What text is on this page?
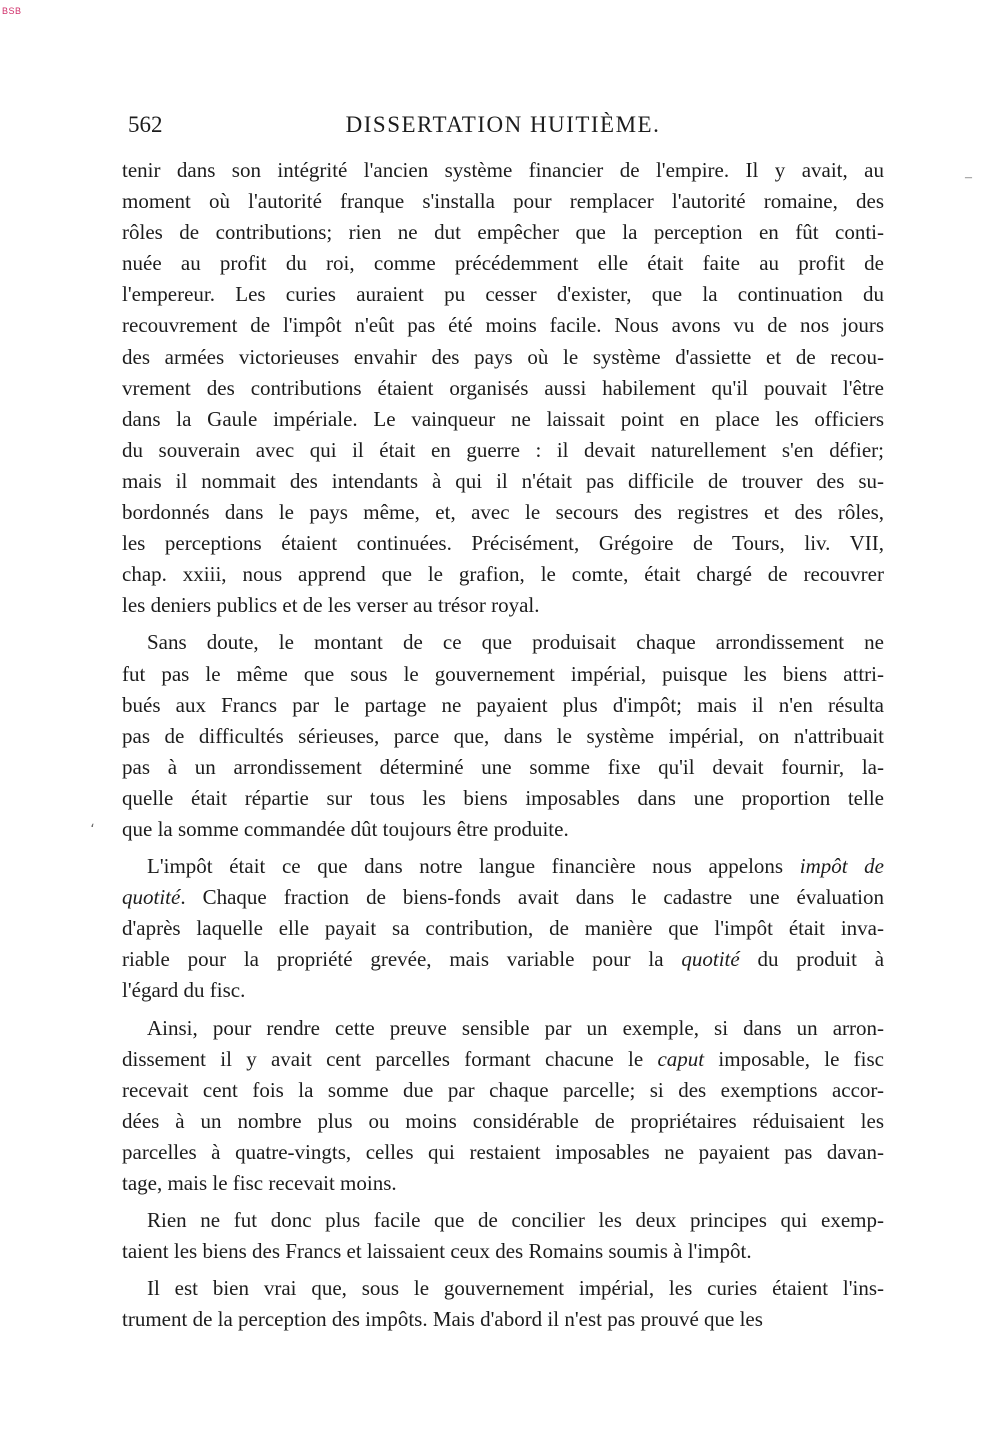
BSB
562	DISSERTATION HUITIÈME.
–
،
tenir dans son intégrité l'ancien système financier de l'empire. Il y avait, au
moment où l'autorité franque s'installa pour remplacer l'autorité romaine, des
rôles de contributions; rien ne dut empêcher que la perception en fût conti-
nuée au profit du roi, comme précédemment elle était faite au profit de
l'empereur. Les curies auraient pu cesser d'exister, que la continuation du
recouvrement de l'impôt n'eût pas été moins facile. Nous avons vu de nos jours
des armées victorieuses envahir des pays où le système d'assiette et de recou-
vrement des contributions étaient organisés aussi habilement qu'il pouvait l'être
dans la Gaule impériale. Le vainqueur ne laissait point en place les officiers
du souverain avec qui il était en guerre : il devait naturellement s'en défier;
mais il nommait des intendants à qui il n'était pas difficile de trouver des su-
bordonnés dans le pays même, et, avec le secours des registres et des rôles,
les perceptions étaient continuées. Précisément, Grégoire de Tours, liv. VII,
chap. xxiii, nous apprend que le grafion, le comte, était chargé de recouvrer
les deniers publics et de les verser au trésor royal.
Sans doute, le montant de ce que produisait chaque arrondissement ne
fut pas le même que sous le gouvernement impérial, puisque les biens attri-
bués aux Francs par le partage ne payaient plus d'impôt; mais il n'en résulta
pas de difficultés sérieuses, parce que, dans le système impérial, on n'attribuait
pas à un arrondissement déterminé une somme fixe qu'il devait fournir, la-
quelle était répartie sur tous les biens imposables dans une proportion telle
que la somme commandée dût toujours être produite.
L'impôt était ce que dans notre langue financière nous appelons impôt de
quotité. Chaque fraction de biens-fonds avait dans le cadastre une évaluation
d'après laquelle elle payait sa contribution, de manière que l'impôt était inva-
riable pour la propriété grevée, mais variable pour la quotité du produit à
l'égard du fisc.
Ainsi, pour rendre cette preuve sensible par un exemple, si dans un arron-
dissement il y avait cent parcelles formant chacune le caput imposable, le fisc
recevait cent fois la somme due par chaque parcelle; si des exemptions accor-
dées à un nombre plus ou moins considérable de propriétaires réduisaient les
parcelles à quatre-vingts, celles qui restaient imposables ne payaient pas davan-
tage, mais le fisc recevait moins.
Rien ne fut donc plus facile que de concilier les deux principes qui exemp-
taient les biens des Francs et laissaient ceux des Romains soumis à l'impôt.
Il est bien vrai que, sous le gouvernement impérial, les curies étaient l'ins-
trument de la perception des impôts. Mais d'abord il n'est pas prouvé que les
